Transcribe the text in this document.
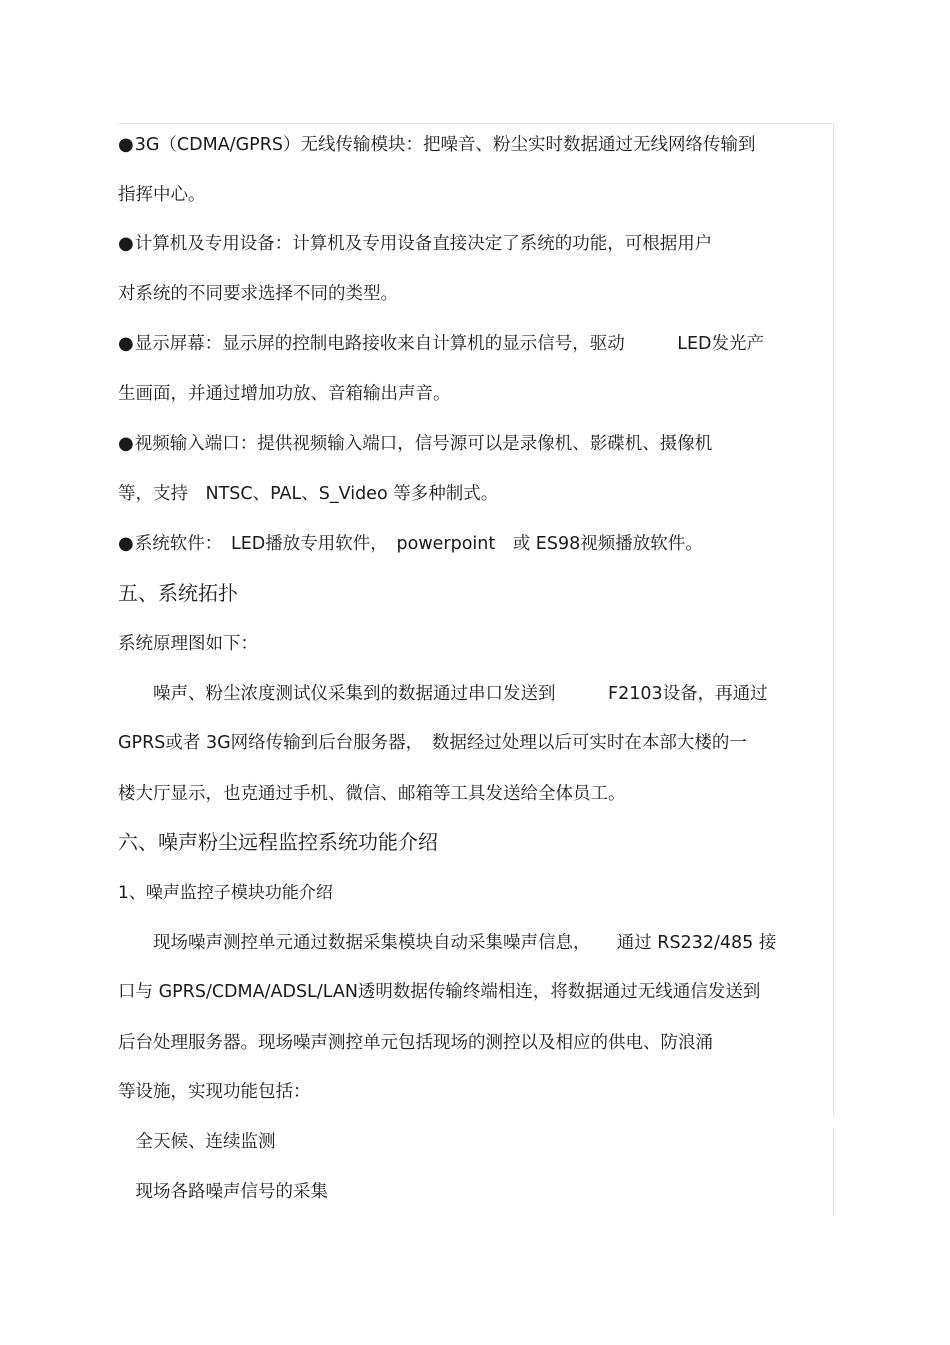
●3G（CDMA/GPRS）无线传输模块：把噪音、粉尘实时数据通过无线网络传输到
指挥中心。
●计算机及专用设备：计算机及专用设备直接决定了系统的功能，可根据用户
对系统的不同要求选择不同的类型。
●显示屏幕：显示屏的控制电路接收来自计算机的显示信号，驱动　　　LED发光产
生画面，并通过增加功放、音箱输出声音。
●视频输入端口：提供视频输入端口，信号源可以是录像机、影碟机、摄像机
等，支持　NTSC、PAL、S_Video 等多种制式。
●系统软件：　LED播放专用软件，　powerpoint　或 ES98视频播放软件。
五、系统拓扑
系统原理图如下：
　　噪声、粉尘浓度测试仪采集到的数据通过串口发送到　　　F2103设备，再通过
GPRS或者 3G网络传输到后台服务器，　数据经过处理以后可实时在本部大楼的一
楼大厅显示，也克通过手机、微信、邮箱等工具发送给全体员工。
六、噪声粉尘远程监控系统功能介绍
1、噪声监控子模块功能介绍
　　现场噪声测控单元通过数据采集模块自动采集噪声信息，　　通过 RS232/485 接
口与 GPRS/CDMA/ADSL/LAN透明数据传输终端相连，将数据通过无线通信发送到
后台处理服务器。现场噪声测控单元包括现场的测控以及相应的供电、防浪涌
等设施，实现功能包括：
　全天候、连续监测
　现场各路噪声信号的采集
